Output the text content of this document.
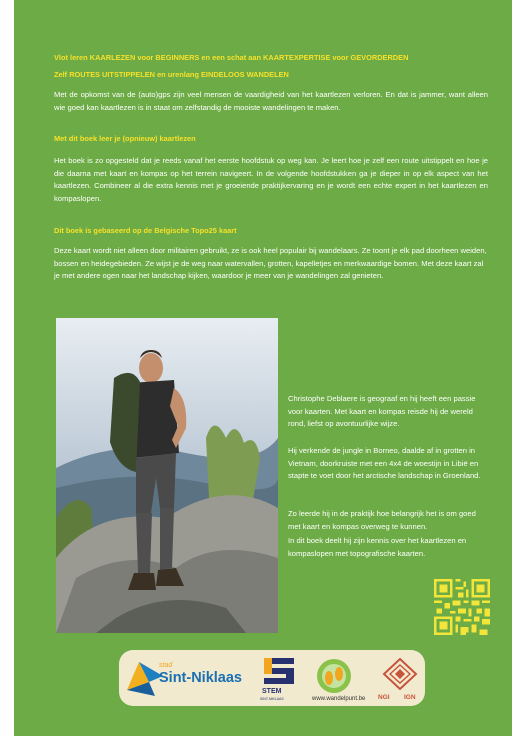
Vlot leren KAARLEZEN voor BEGINNERS en een schat aan KAARTEXPERTISE voor GEVORDERDEN

Zelf ROUTES UITSTIPPELEN en urenlang EINDELOOS WANDELEN

Met de opkomst van de (auto)gps zijn veel mensen de vaardigheid van het kaartlezen verloren. En dat is jammer, want alleen wie goed kan kaartlezen is in staat om zelfstandig de mooiste wandelingen te maken.

Met dit boek leer je (opnieuw) kaartlezen

Het boek is zo opgesteld dat je reeds vanaf het eerste hoofdstuk op weg kan. Je leert hoe je zelf een route uitstippelt en hoe je die daarna met kaart en kompas op het terrein navigeert. In de volgende hoofdstukken ga je dieper in op elk aspect van het kaartlezen. Combineer al die extra kennis met je groeiende praktijkervaring en je wordt een echte expert in het kaartlezen en kompaslopen.

Dit boek is gebaseerd op de Belgische Topo25 kaart

Deze kaart wordt niet alleen door militairen gebruikt, ze is ook heel populair bij wandelaars. Ze toont je elk pad doorheen weiden, bossen en heidegebieden. Ze wijst je de weg naar watervallen, grotten, kapelletjes en merkwaardige bomen. Met deze kaart zal je met andere ogen naar het landschap kijken, waardoor je meer van je wandelingen zal genieten.

Christophe Deblaere is geograaf en hij heeft een passie voor kaarten. Met kaart en kompas reisde hij de wereld rond, liefst op avontuurlijke wijze.

Hij verkende de jungle in Borneo, daalde af in grotten in Vietnam, doorkruiste met een 4x4 de woestijn in Libië en stapte te voet door het arctische landschap in Groenland.

Zo leerde hij in de praktijk hoe belangrijk het is om goed met kaart en kompas overweg te kunnen.

In dit boek deelt hij zijn kennis over het kaartlezen en kompaslopen met topografische kaarten.

stad
Sint-Niklaas
STEM
SINT-NIKLAAS	www.wandelpunt.be NGI IGN
